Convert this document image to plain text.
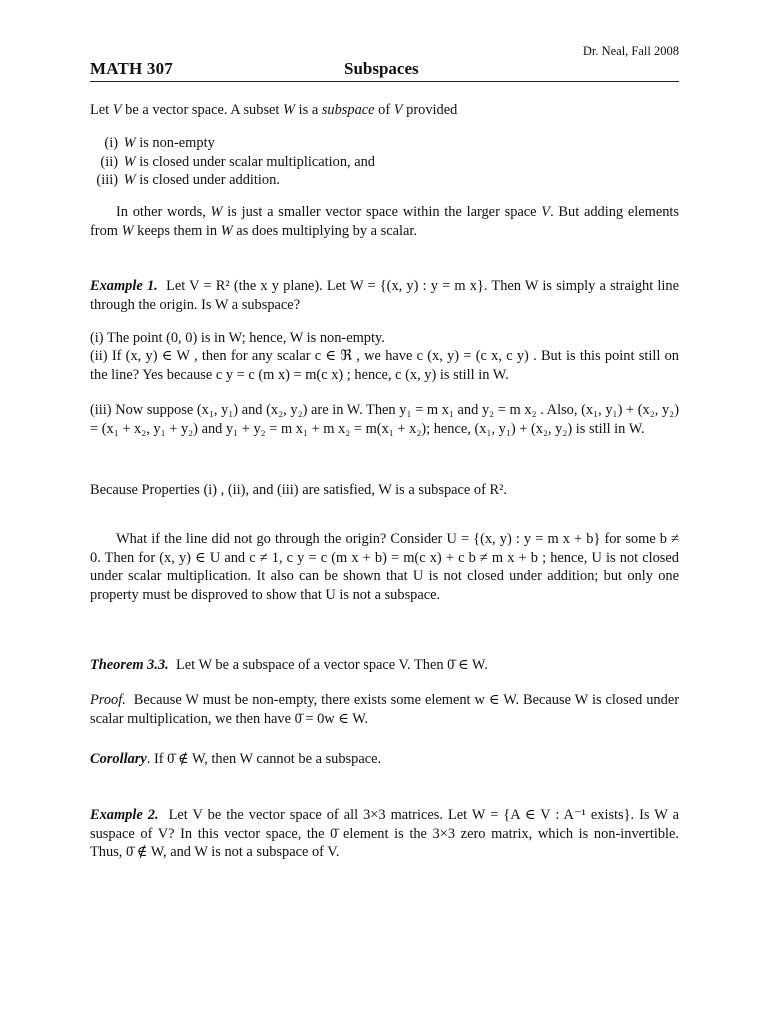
Dr. Neal, Fall 2008
MATH 307	Subspaces

Let V be a vector space. A subset W is a subspace of V provided

(i)
W
is non-empty
(ii)
W
is closed under scalar multiplication, and
(iii)
W
is closed under addition.

In other words, W is just a smaller vector space within the larger space V. But adding elements from W keeps them in W as does multiplying by a scalar.

Example 1. Let V = R² (the x y plane). Let W = {(x, y) : y = m x}. Then W is simply a straight line through the origin. Is W a subspace?

(i) The point (0, 0) is in W; hence, W is non-empty.

(ii) If (x, y) ∈ W , then for any scalar c ∈ ℜ , we have c (x, y) = (c x, c y) . But is this point still on the line? Yes because c y = c (m x) = m(c x) ; hence, c (x, y) is still in W.

(iii) Now suppose (x₁, y₁) and (x₂, y₂) are in W. Then y₁ = m x₁ and y₂ = m x₂ . Also, (x₁, y₁) + (x₂, y₂) = (x₁ + x₂, y₁ + y₂) and y₁ + y₂ = m x₁ + m x₂ = m(x₁ + x₂); hence, (x₁, y₁) + (x₂, y₂) is still in W.

Because Properties (i) , (ii), and (iii) are satisfied, W is a subspace of R².

What if the line did not go through the origin? Consider U = {(x, y) : y = m x + b} for some b ≠ 0. Then for (x, y) ∈ U and c ≠ 1, c y = c (m x + b) = m(c x) + c b ≠ m x + b ; hence, U is not closed under scalar multiplication. It also can be shown that U is not closed under addition; but only one property must be disproved to show that U is not a subspace.

Theorem 3.3. Let W be a subspace of a vector space V. Then 0̄ ∈ W.

Proof. Because W must be non-empty, there exists some element w ∈ W. Because W is closed under scalar multiplication, we then have 0̄ = 0w ∈ W.

Corollary. If 0̄ ∉ W, then W cannot be a subspace.

Example 2. Let V be the vector space of all 3×3 matrices. Let W = {A ∈ V : A⁻¹ exists}. Is W a suspace of V? In this vector space, the 0̄ element is the 3×3 zero matrix, which is non-invertible. Thus, 0̄ ∉ W, and W is not a subspace of V.
